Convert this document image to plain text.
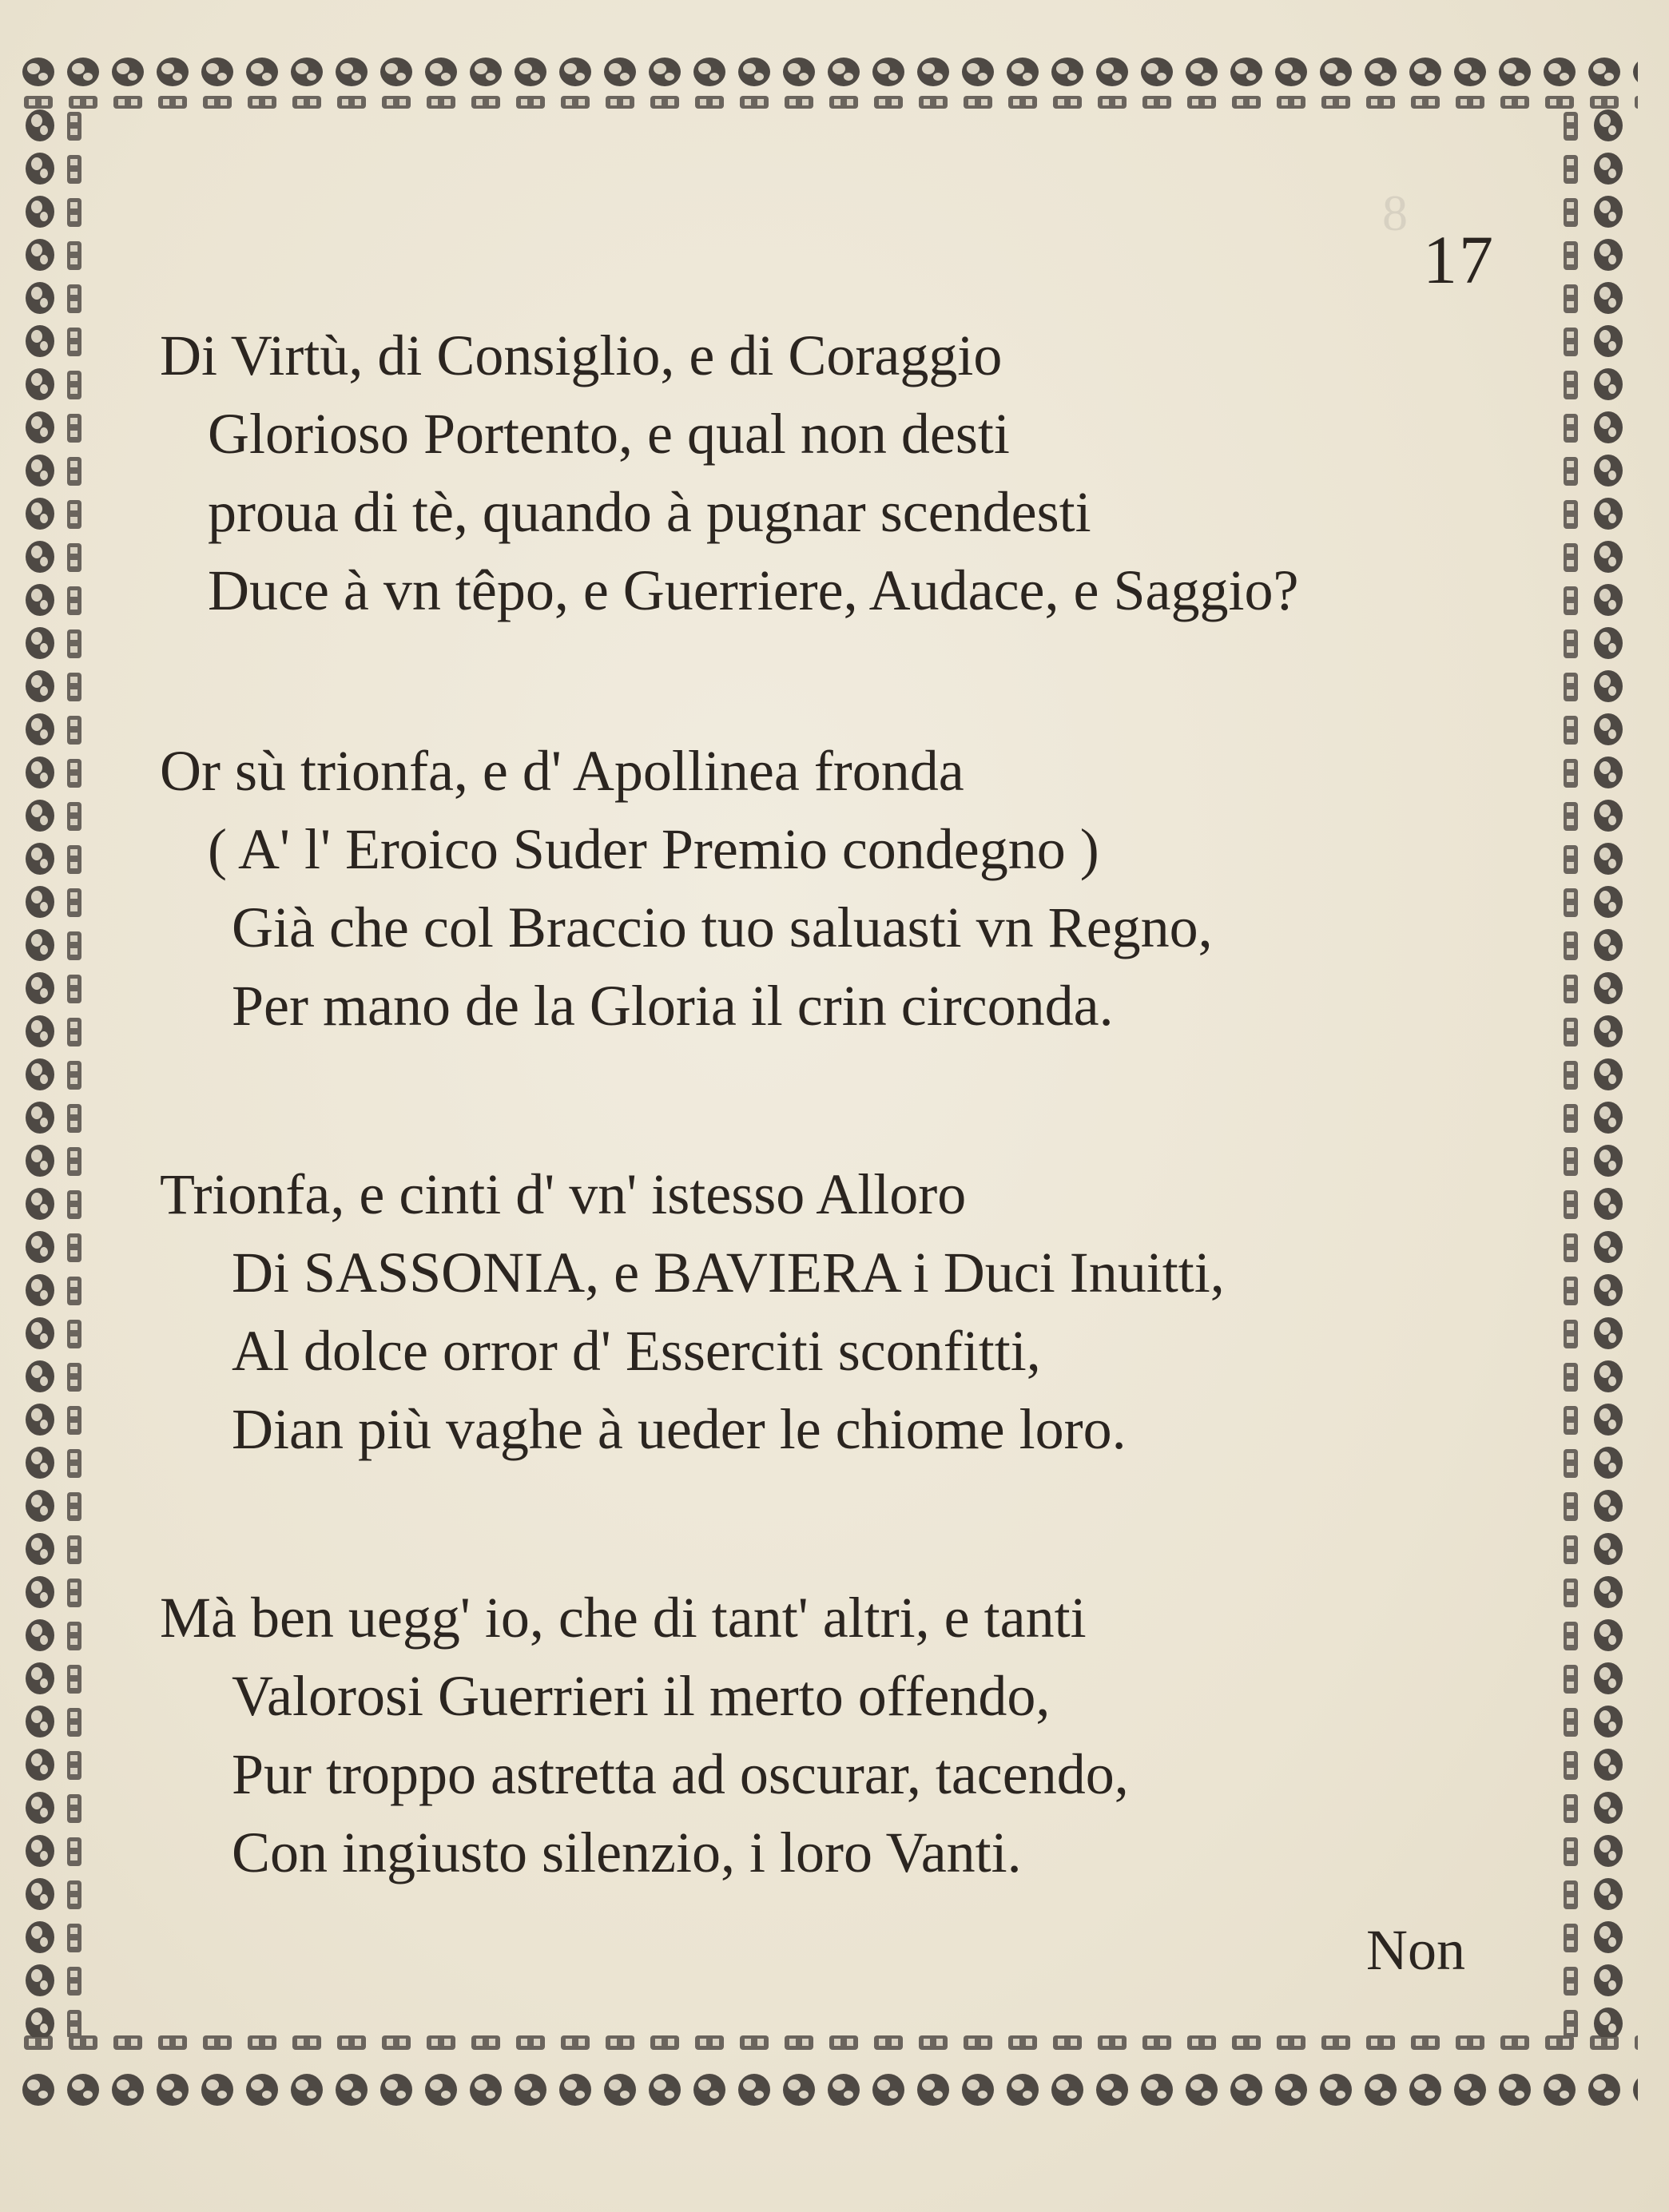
8
17
Di Virtù, di Consiglio, e di Coraggio
Glorioso Portento, e qual non desti
proua di tè, quando à pugnar scendesti
Duce à vn têpo, e Guerriere, Audace, e Saggio?
Or sù trionfa, e d' Apollinea fronda
( A' l' Eroico Suder Premio condegno )
Già che col Braccio tuo saluasti vn Regno,
Per mano de la Gloria il crin circonda.
Trionfa, e cinti d' vn' istesso Alloro
Di SASSONIA, e BAVIERA i Duci Inuitti,
Al dolce orror d' Esserciti sconfitti,
Dian più vaghe à ueder le chiome loro.
Mà ben uegg' io, che di tant' altri, e tanti
Valorosi Guerrieri il merto offendo,
Pur troppo astretta ad oscurar, tacendo,
Con ingiusto silenzio, i loro Vanti.
Non
